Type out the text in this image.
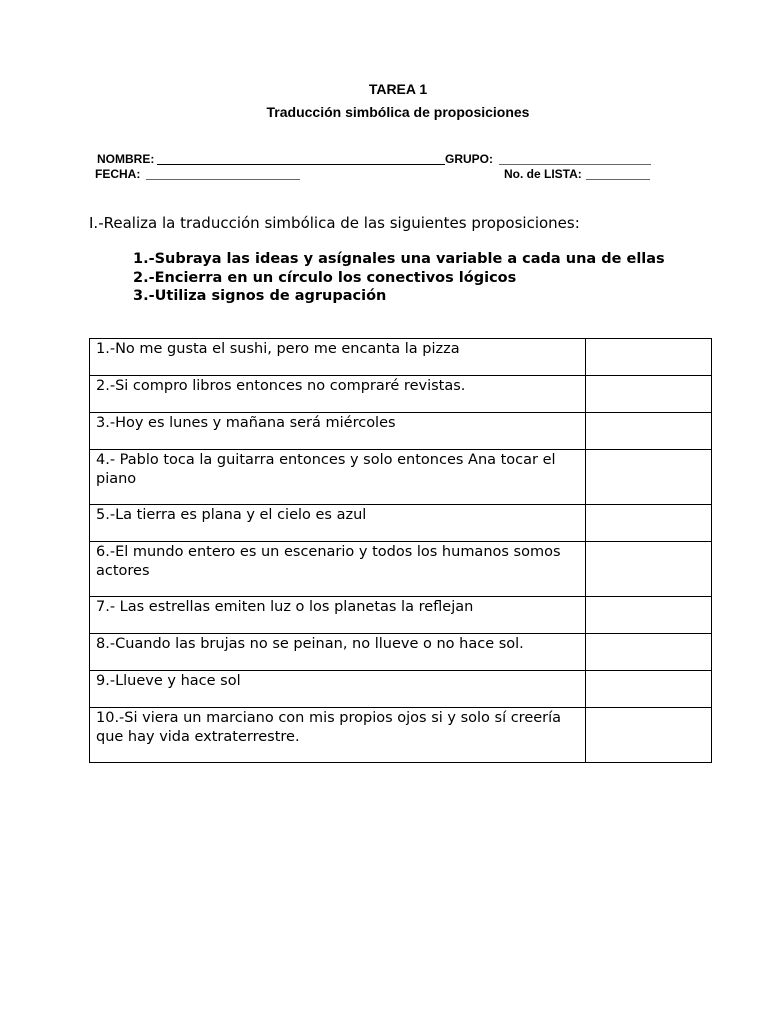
TAREA 1
Traducción simbólica de proposiciones
NOMBRE:	GRUPO:
FECHA:	No. de LISTA:
I.-Realiza la traducción simbólica de las siguientes proposiciones:
1.-Subraya las ideas y asígnales una variable a cada una de ellas
2.-Encierra en un círculo los conectivos lógicos
3.-Utiliza signos de agrupación
1.-No me gusta el sushi, pero me encanta la pizza	
2.-Si compro libros entonces no compraré revistas.	
3.-Hoy es lunes y mañana será miércoles	
4.- Pablo toca la guitarra entonces y solo entonces Ana tocar el piano	
5.-La tierra es plana y el cielo es azul	
6.-El mundo entero es un escenario y todos los humanos somos actores	
7.- Las estrellas emiten luz o los planetas la reflejan	
8.-Cuando las brujas no se peinan, no llueve o no hace sol.	
9.-Llueve y hace sol	
10.-Si viera un marciano con mis propios ojos si y solo sí creería que hay vida extraterrestre.	
